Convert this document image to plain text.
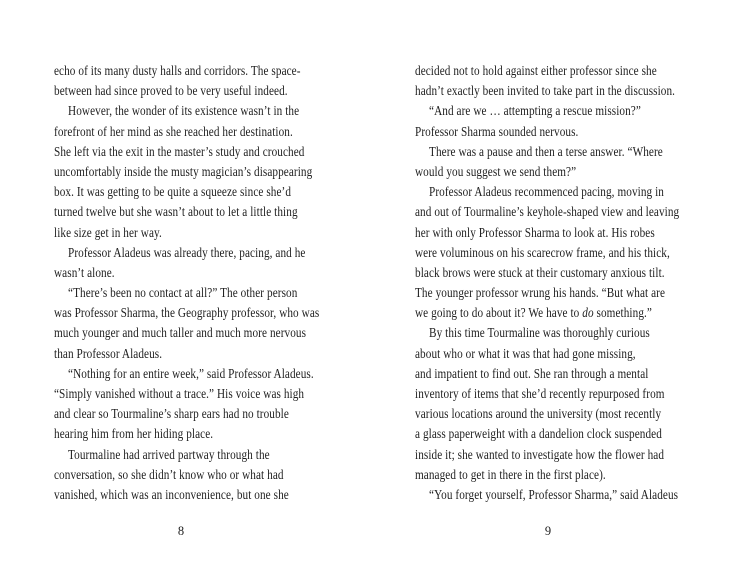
echo of its many dusty halls and corridors. The space-
between had since proved to be very useful indeed.
However, the wonder of its existence wasn’t in the
forefront of her mind as she reached her destination.
She left via the exit in the master’s study and crouched
uncomfortably inside the musty magician’s disappearing
box. It was getting to be quite a squeeze since she’d
turned twelve but she wasn’t about to let a little thing
like size get in her way.
Professor Aladeus was already there, pacing, and he
wasn’t alone.
“There’s been no contact at all?” The other person
was Professor Sharma, the Geography professor, who was
much younger and much taller and much more nervous
than Professor Aladeus.
“Nothing for an entire week,” said Professor Aladeus.
“Simply vanished without a trace.” His voice was high
and clear so Tourmaline’s sharp ears had no trouble
hearing him from her hiding place.
Tourmaline had arrived partway through the
conversation, so she didn’t know who or what had
vanished, which was an inconvenience, but one she
decided not to hold against either professor since she
hadn’t exactly been invited to take part in the discussion.
“And are we … attempting a rescue mission?”
Professor Sharma sounded nervous.
There was a pause and then a terse answer. “Where
would you suggest we send them?”
Professor Aladeus recommenced pacing, moving in
and out of Tourmaline’s keyhole-shaped view and leaving
her with only Professor Sharma to look at. His robes
were voluminous on his scarecrow frame, and his thick,
black brows were stuck at their customary anxious tilt.
The younger professor wrung his hands. “But what are
we going to do about it? We have to do something.”
By this time Tourmaline was thoroughly curious
about who or what it was that had gone missing,
and impatient to find out. She ran through a mental
inventory of items that she’d recently repurposed from
various locations around the university (most recently
a glass paperweight with a dandelion clock suspended
inside it; she wanted to investigate how the flower had
managed to get in there in the first place).
“You forget yourself, Professor Sharma,” said Aladeus
8	9
